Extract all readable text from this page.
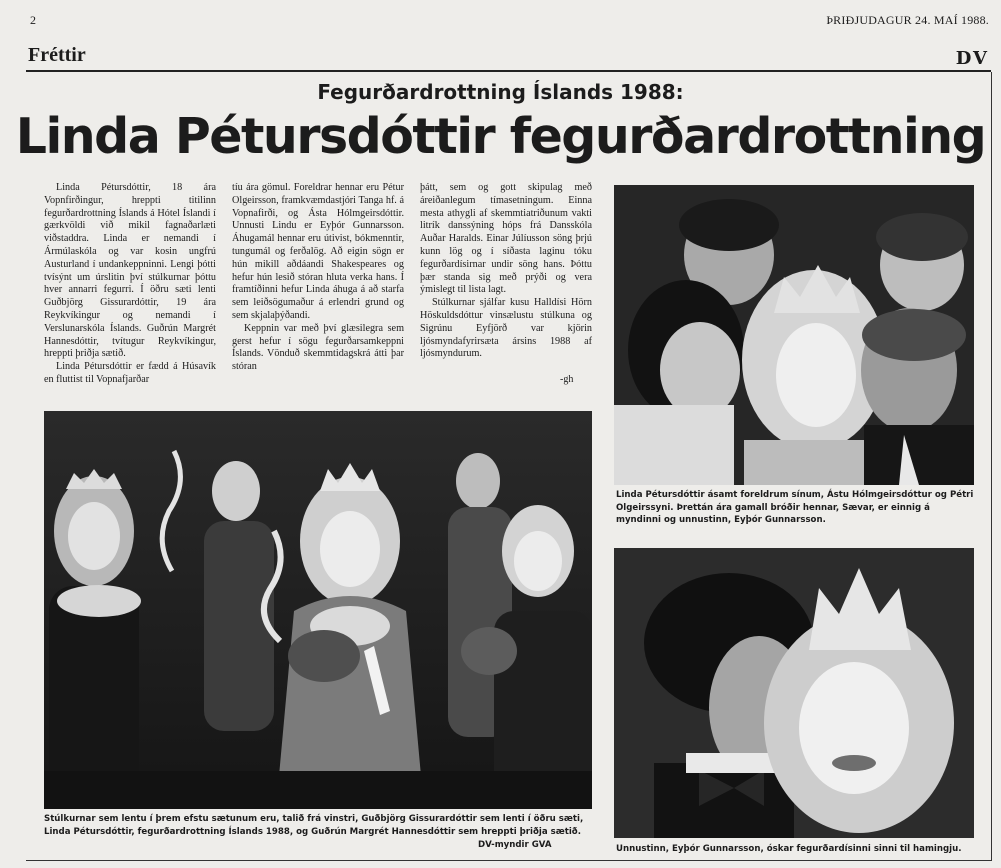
2	ÞRIÐJUDAGUR 24. MAÍ 1988.
Fréttir	DV
Fegurðardrottning Íslands 1988:
Linda Pétursdóttir fegurðardrottning

Linda Pétursdóttir, 18 ára Vopnfirðingur, hreppti titilinn fegurðardrottning Íslands á Hótel Íslandi í gærkvöldi við mikil fagnaðarlæti viðstaddra. Linda er nemandi í Ármúlaskóla og var kosin ungfrú Austurland í undankeppninni. Lengi þótti tvísýnt um úrslitin því stúlkurnar þóttu hver annarri fegurri. Í öðru sæti lenti Guðbjörg Gissurardóttir, 19 ára Reykvíkingur og nemandi í Verslunarskóla Íslands. Guðrún Margrét Hannesdóttir, tvítugur Reykvíkingur, hreppti þriðja sætið.

Linda Pétursdóttir er fædd á Húsavík en fluttist til Vopnafjarðar

tíu ára gömul. Foreldrar hennar eru Pétur Olgeirsson, framkvæmdastjóri Tanga hf. á Vopnafirði, og Ásta Hólmgeirsdóttir. Unnusti Lindu er Eyþór Gunnarsson. Áhugamál hennar eru útivist, bókmenntir, tungumál og ferðalög. Að eigin sögn er hún mikill aðdáandi Shakespeares og hefur hún lesið stóran hluta verka hans. Í framtíðinni hefur Linda áhuga á að starfa sem leiðsögumaður á erlendri grund og sem skjalaþýðandi.

Keppnin var með því glæsilegra sem gerst hefur í sögu fegurðarsamkeppni Íslands. Vönduð skemmtidagskrá átti þar stóran

þátt, sem og gott skipulag með áreiðanlegum tímasetningum. Einna mesta athygli af skemmtiatriðunum vakti litrík danssýning hóps frá Dansskóla Auðar Haralds. Einar Júlíusson söng þrjú kunn lög og í síðasta laginu tóku fegurðardísirnar undir söng hans. Þóttu þær standa sig með prýði og vera ýmislegt til lista lagt.

Stúlkurnar sjálfar kusu Halldísi Hörn Höskuldsdóttur vinsælustu stúlkuna og Sigrúnu Eyfjörð var kjörin ljósmyndafyrirsæta ársins 1988 af ljósmyndurum.

-gh
Stúlkurnar sem lentu í þrem efstu sætunum eru, talið frá vinstri, Guðbjörg Gissurardóttir sem lenti í öðru sæti, Linda Pétursdóttir, fegurðardrottning Íslands 1988, og Guðrún Margrét Hannesdóttir sem hreppti þriðja sætið.
DV-myndir GVA
Linda Pétursdóttir ásamt foreldrum sínum, Ástu Hólmgeirsdóttur og Pétri Olgeirssyni. Þrettán ára gamall bróðir hennar, Sævar, er einnig á myndinni og unnustinn, Eyþór Gunnarsson.
Unnustinn, Eyþór Gunnarsson, óskar fegurðardísinni sinni til hamingju.
